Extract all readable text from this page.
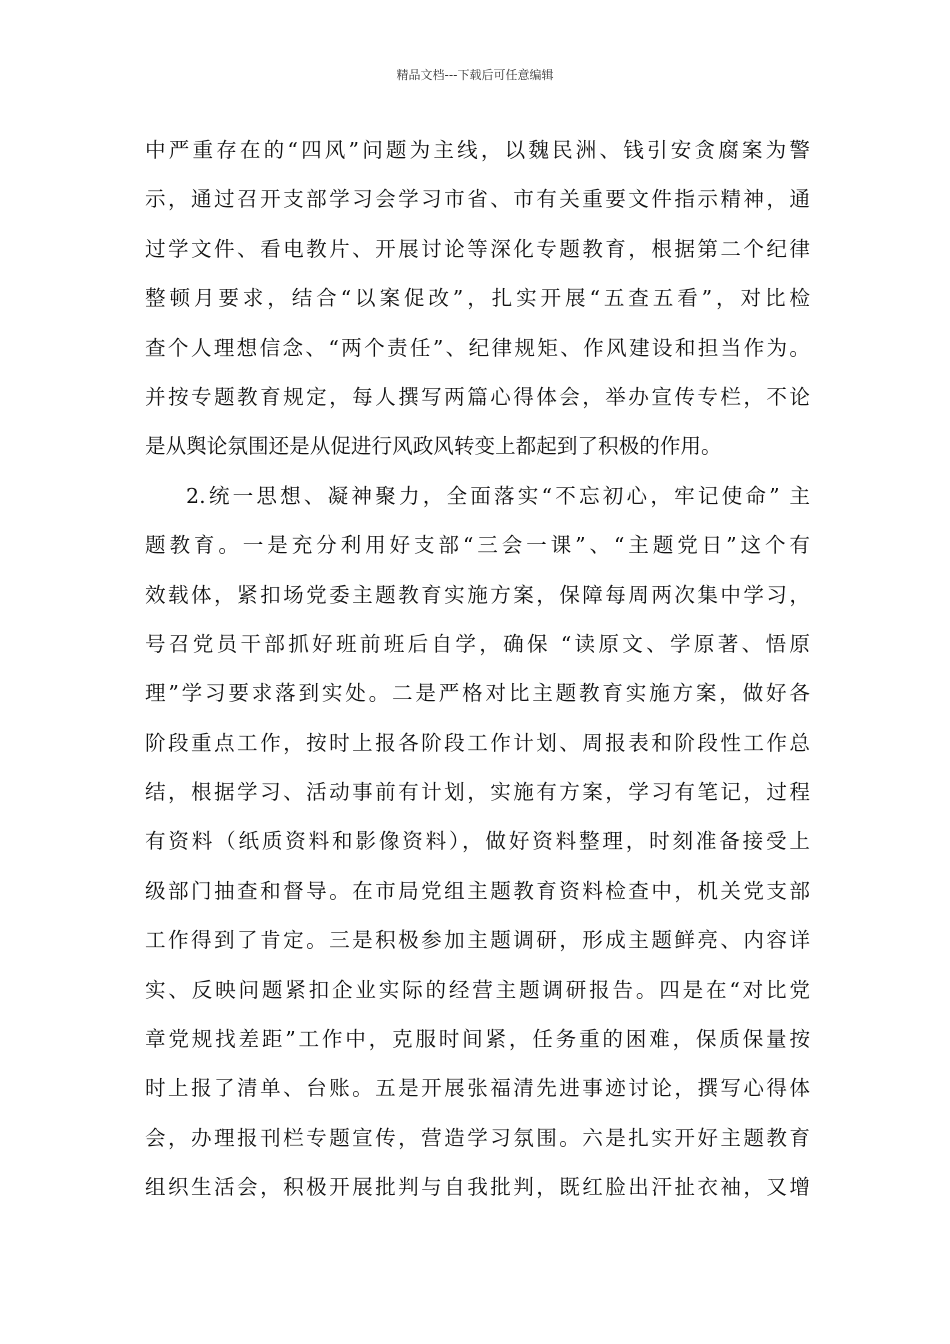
精品文档---下载后可任意编辑
中严重存在的“四风”问题为主线，以魏民洲、钱引安贪腐案为警
示，通过召开支部学习会学习市省、市有关重要文件指示精神，通
过学文件、看电教片、开展讨论等深化专题教育，根据第二个纪律
整顿月要求，结合“以案促改”，扎实开展“五查五看”，对比检
查个人理想信念、“两个责任”、纪律规矩、作风建设和担当作为。
并按专题教育规定，每人撰写两篇心得体会，举办宣传专栏，不论
是从舆论氛围还是从促进行风政风转变上都起到了积极的作用。
2.统一思想、凝神聚力，全面落实“不忘初心，牢记使命” 主
题教育。一是充分利用好支部“三会一课”、“主题党日”这个有
效载体，紧扣场党委主题教育实施方案，保障每周两次集中学习，
号召党员干部抓好班前班后自学，确保 “读原文、学原著、悟原
理”学习要求落到实处。二是严格对比主题教育实施方案，做好各
阶段重点工作，按时上报各阶段工作计划、周报表和阶段性工作总
结，根据学习、活动事前有计划，实施有方案，学习有笔记，过程
有资料（纸质资料和影像资料），做好资料整理，时刻准备接受上
级部门抽查和督导。在市局党组主题教育资料检查中，机关党支部
工作得到了肯定。三是积极参加主题调研，形成主题鲜亮、内容详
实、反映问题紧扣企业实际的经营主题调研报告。四是在“对比党
章党规找差距”工作中，克服时间紧，任务重的困难，保质保量按
时上报了清单、台账。五是开展张福清先进事迹讨论，撰写心得体
会，办理报刊栏专题宣传，营造学习氛围。六是扎实开好主题教育
组织生活会，积极开展批判与自我批判，既红脸出汗扯衣袖，又增
